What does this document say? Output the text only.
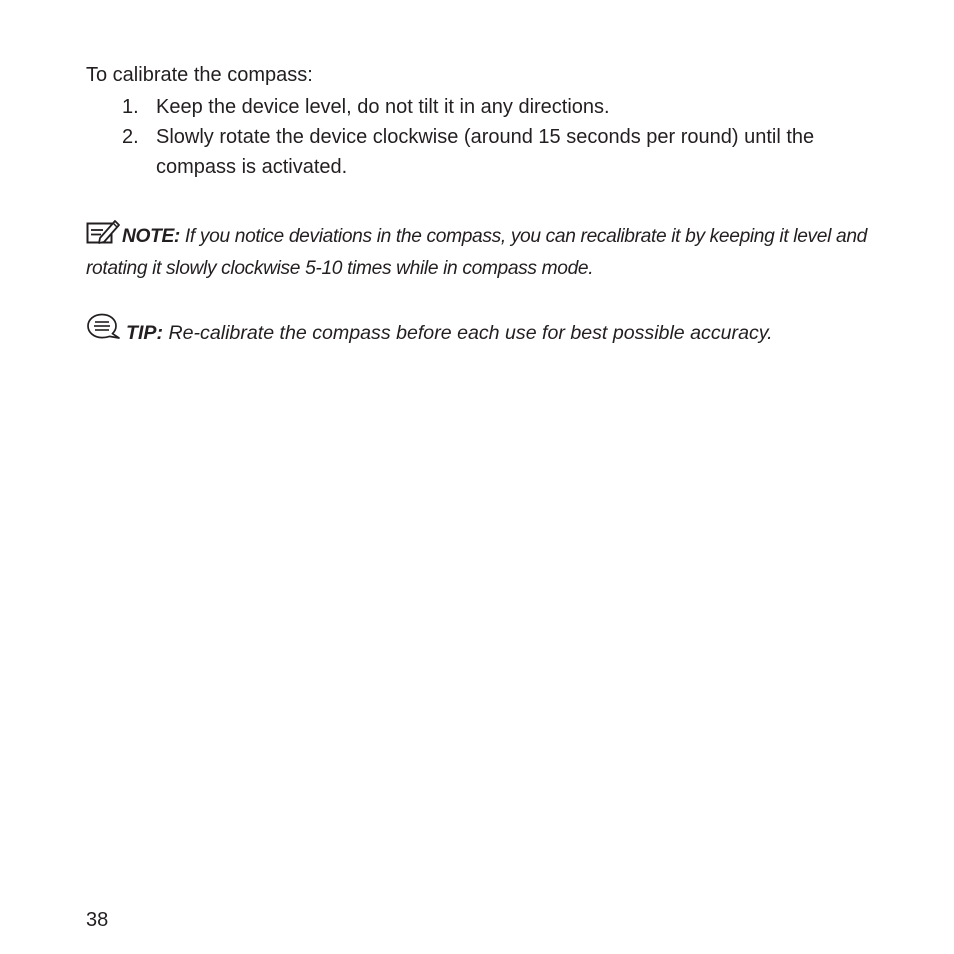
To calibrate the compass:
1. Keep the device level, do not tilt it in any directions.
2. Slowly rotate the device clockwise (around 15 seconds per round) until the compass is activated.
NOTE: If you notice deviations in the compass, you can recalibrate it by keeping it level and rotating it slowly clockwise 5-10 times while in compass mode.
TIP: Re-calibrate the compass before each use for best possible accuracy.
38
